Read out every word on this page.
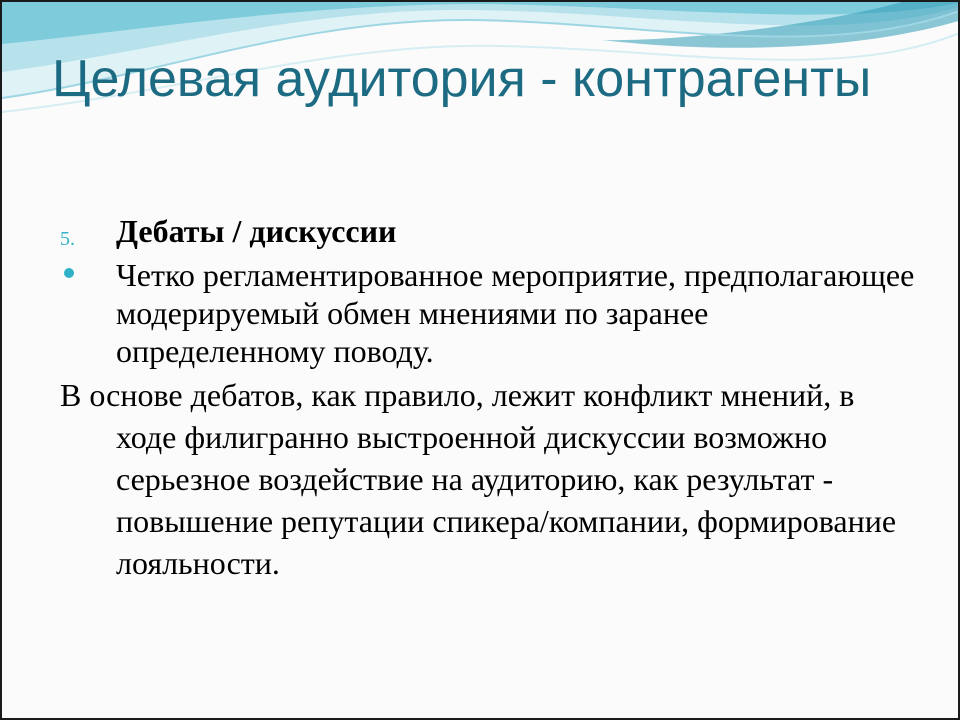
Целевая аудитория - контрагенты
5. Дебаты / дискуссии
Четко регламентированное мероприятие, предполагающее модерируемый обмен мнениями по заранее определенному поводу.
В основе дебатов, как правило, лежит конфликт мнений, в ходе филигранно выстроенной дискуссии возможно серьезное воздействие на аудиторию, как результат - повышение репутации спикера/компании, формирование лояльности.
